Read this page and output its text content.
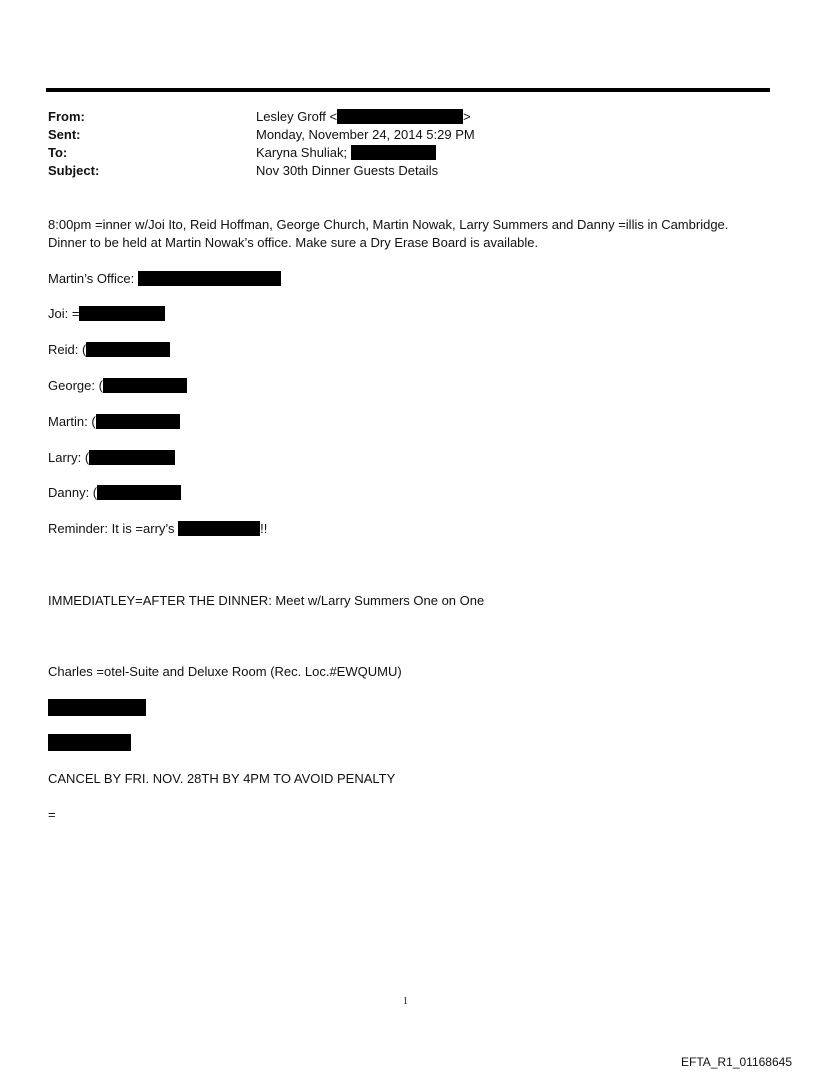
From:	Lesley Groff <	>
Sent:	Monday, November 24, 2014 5:29 PM
To:	Karyna Shuliak;
Subject:	Nov 30th Dinner Guests Details
8:00pm =inner w/Joi Ito, Reid Hoffman, George Church, Martin Nowak, Larry Summers and Danny =illis in Cambridge. Dinner to be held at Martin Nowak’s office. Make sure a Dry Erase Board is available.
Martin’s Office:
Joi: =
Reid: (
George: (
Martin: (
Larry: (
Danny: (
Reminder: It is =arry’s	!!
IMMEDIATLEY=AFTER THE DINNER: Meet w/Larry Summers One on One
Charles =otel-Suite and Deluxe Room (Rec. Loc.#EWQUMU)
CANCEL BY FRI. NOV. 28TH BY 4PM TO AVOID PENALTY
=
1
EFTA_R1_01168645
